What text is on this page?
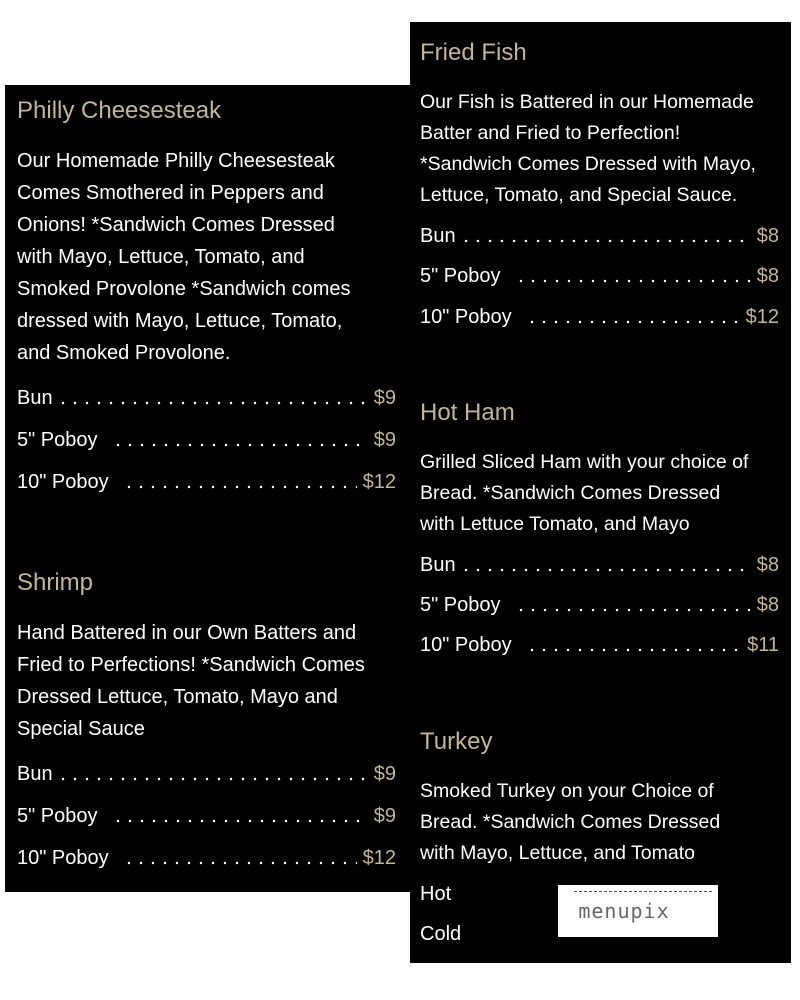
Philly Cheesesteak
Our Homemade Philly Cheesesteak
Comes Smothered in Peppers and
Onions! *Sandwich Comes Dressed
with Mayo, Lettuce, Tomato, and
Smoked Provolone *Sandwich comes
dressed with Mayo, Lettuce, Tomato,
and Smoked Provolone.
Bun	$9
5" Poboy	$9
10" Poboy	$12
Shrimp
Hand Battered in our Own Batters and
Fried to Perfections! *Sandwich Comes
Dressed Lettuce, Tomato, Mayo and
Special Sauce
Bun	$9
5" Poboy	$9
10" Poboy	$12
Fried Fish
Our Fish is Battered in our Homemade
Batter and Fried to Perfection!
*Sandwich Comes Dressed with Mayo,
Lettuce, Tomato, and Special Sauce.
Bun	$8
5" Poboy	$8
10" Poboy	$12
Hot Ham
Grilled Sliced Ham with your choice of
Bread. *Sandwich Comes Dressed
with Lettuce Tomato, and Mayo
Bun	$8
5" Poboy	$8
10" Poboy	$11
Turkey
Smoked Turkey on your Choice of
Bread. *Sandwich Comes Dressed
with Mayo, Lettuce, and Tomato
Hot
Cold
menupix
